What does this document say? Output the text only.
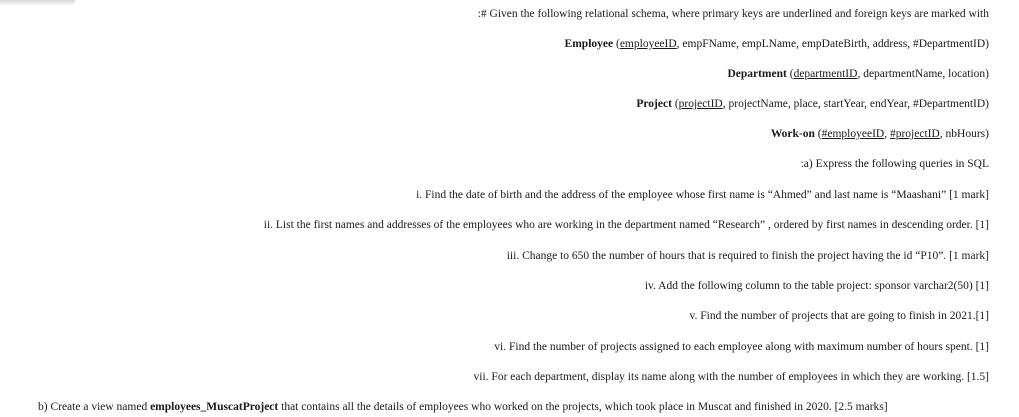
:# Given the following relational schema, where primary keys are underlined and foreign keys are marked with
Employee (employeeID, empFName, empLName, empDateBirth, address, #DepartmentID)
Department (departmentID, departmentName, location)
Project (projectID, projectName, place, startYear, endYear, #DepartmentID)
Work-on (#employeeID, #projectID, nbHours)
:a) Express the following queries in SQL
i. Find the date of birth and the address of the employee whose first name is “Ahmed” and last name is “Maashani” [1 mark]
ii. List the first names and addresses of the employees who are working in the department named “Research” , ordered by first names in descending order. [1]
iii. Change to 650 the number of hours that is required to finish the project having the id “P10”. [1 mark]
iv. Add the following column to the table project: sponsor varchar2(50) [1]
v. Find the number of projects that are going to finish in 2021.[1]
vi. Find the number of projects assigned to each employee along with maximum number of hours spent. [1]
vii. For each department, display its name along with the number of employees in which they are working. [1.5]
b) Create a view named employees_MuscatProject that contains all the details of employees who worked on the projects, which took place in Muscat and finished in 2020. [2.5 marks]
